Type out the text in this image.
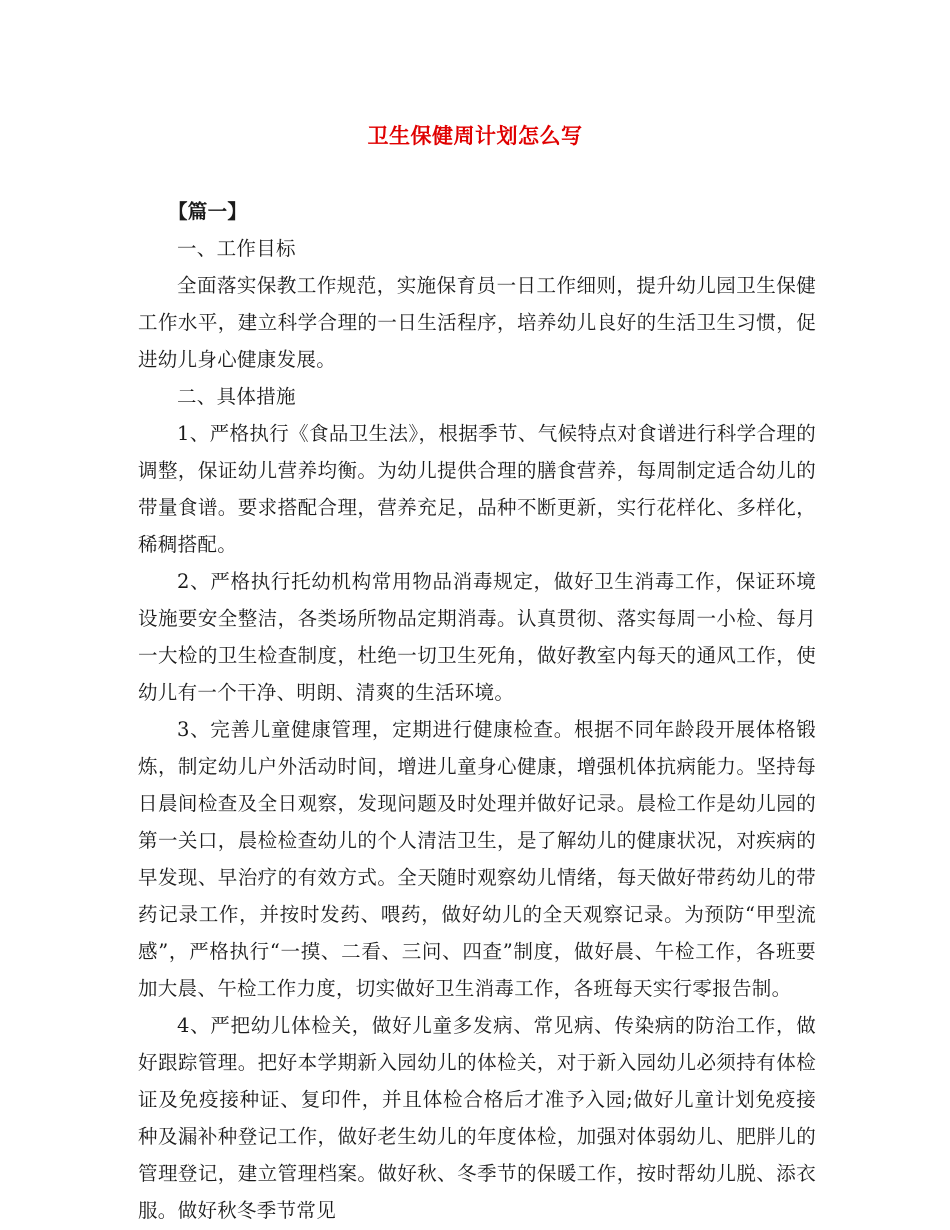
卫生保健周计划怎么写

【篇一】

一、工作目标

全面落实保教工作规范，实施保育员一日工作细则，提升幼儿园卫生保健工作水平，建立科学合理的一日生活程序，培养幼儿良好的生活卫生习惯，促进幼儿身心健康发展。

二、具体措施

1、严格执行《食品卫生法》，根据季节、气候特点对食谱进行科学合理的调整，保证幼儿营养均衡。为幼儿提供合理的膳食营养，每周制定适合幼儿的带量食谱。要求搭配合理，营养充足，品种不断更新，实行花样化、多样化，稀稠搭配。

2、严格执行托幼机构常用物品消毒规定，做好卫生消毒工作，保证环境设施要安全整洁，各类场所物品定期消毒。认真贯彻、落实每周一小检、每月一大检的卫生检查制度，杜绝一切卫生死角，做好教室内每天的通风工作，使幼儿有一个干净、明朗、清爽的生活环境。

3、完善儿童健康管理，定期进行健康检查。根据不同年龄段开展体格锻炼，制定幼儿户外活动时间，增进儿童身心健康，增强机体抗病能力。坚持每日晨间检查及全日观察，发现问题及时处理并做好记录。晨检工作是幼儿园的第一关口，晨检检查幼儿的个人清洁卫生，是了解幼儿的健康状况，对疾病的早发现、早治疗的有效方式。全天随时观察幼儿情绪，每天做好带药幼儿的带药记录工作，并按时发药、喂药，做好幼儿的全天观察记录。为预防“甲型流感”，严格执行“一摸、二看、三问、四查”制度，做好晨、午检工作，各班要加大晨、午检工作力度，切实做好卫生消毒工作，各班每天实行零报告制。

4、严把幼儿体检关，做好儿童多发病、常见病、传染病的防治工作，做好跟踪管理。把好本学期新入园幼儿的体检关，对于新入园幼儿必须持有体检证及免疫接种证、复印件，并且体检合格后才准予入园;做好儿童计划免疫接种及漏补种登记工作，做好老生幼儿的年度体检，加强对体弱幼儿、肥胖儿的管理登记，建立管理档案。做好秋、冬季节的保暖工作，按时帮幼儿脱、添衣服。做好秋冬季节常见
